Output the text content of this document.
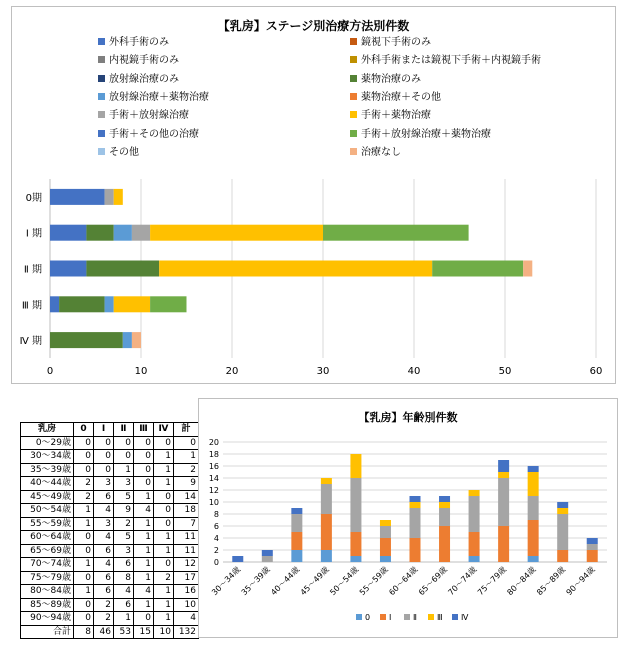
【乳房】ステージ別治療方法別件数
外科手術のみ	鏡視下手術のみ
内視鏡手術のみ	外科手術または鏡視下手術＋内視鏡手術
放射線治療のみ	薬物治療のみ
放射線治療＋薬物治療	薬物治療＋その他
手術＋放射線治療	手術＋薬物治療
手術＋その他の治療	手術＋放射線治療＋薬物治療
その他	治療なし
0	10	20	30	40	50	60
0期
Ⅰ 期
Ⅱ 期
Ⅲ 期
Ⅳ 期
乳房	0	Ⅰ	Ⅱ	Ⅲ	Ⅳ	計
0～29歳	0	0	0	0	0	0
30～34歳	0	0	0	0	1	1
35～39歳	0	0	1	0	1	2
40～44歳	2	3	3	0	1	9
45～49歳	2	6	5	1	0	14
50～54歳	1	4	9	4	0	18
55～59歳	1	3	2	1	0	7
60～64歳	0	4	5	1	1	11
65～69歳	0	6	3	1	1	11
70～74歳	1	4	6	1	0	12
75～79歳	0	6	8	1	2	17
80～84歳	1	6	4	4	1	16
85～89歳	0	2	6	1	1	10
90～94歳	0	2	1	0	1	4
合計	8	46	53	15	10	132
【乳房】年齢別件数
0
2
4
6
8
10
12
14
16
18
20
30～34歳
35～39歳
40～44歳
45～49歳
50～54歳
55～59歳
60～64歳
65～69歳
70～74歳
75～79歳
80～84歳
85～89歳
90～94歳
0 Ⅰ	Ⅱ	Ⅲ Ⅳ
